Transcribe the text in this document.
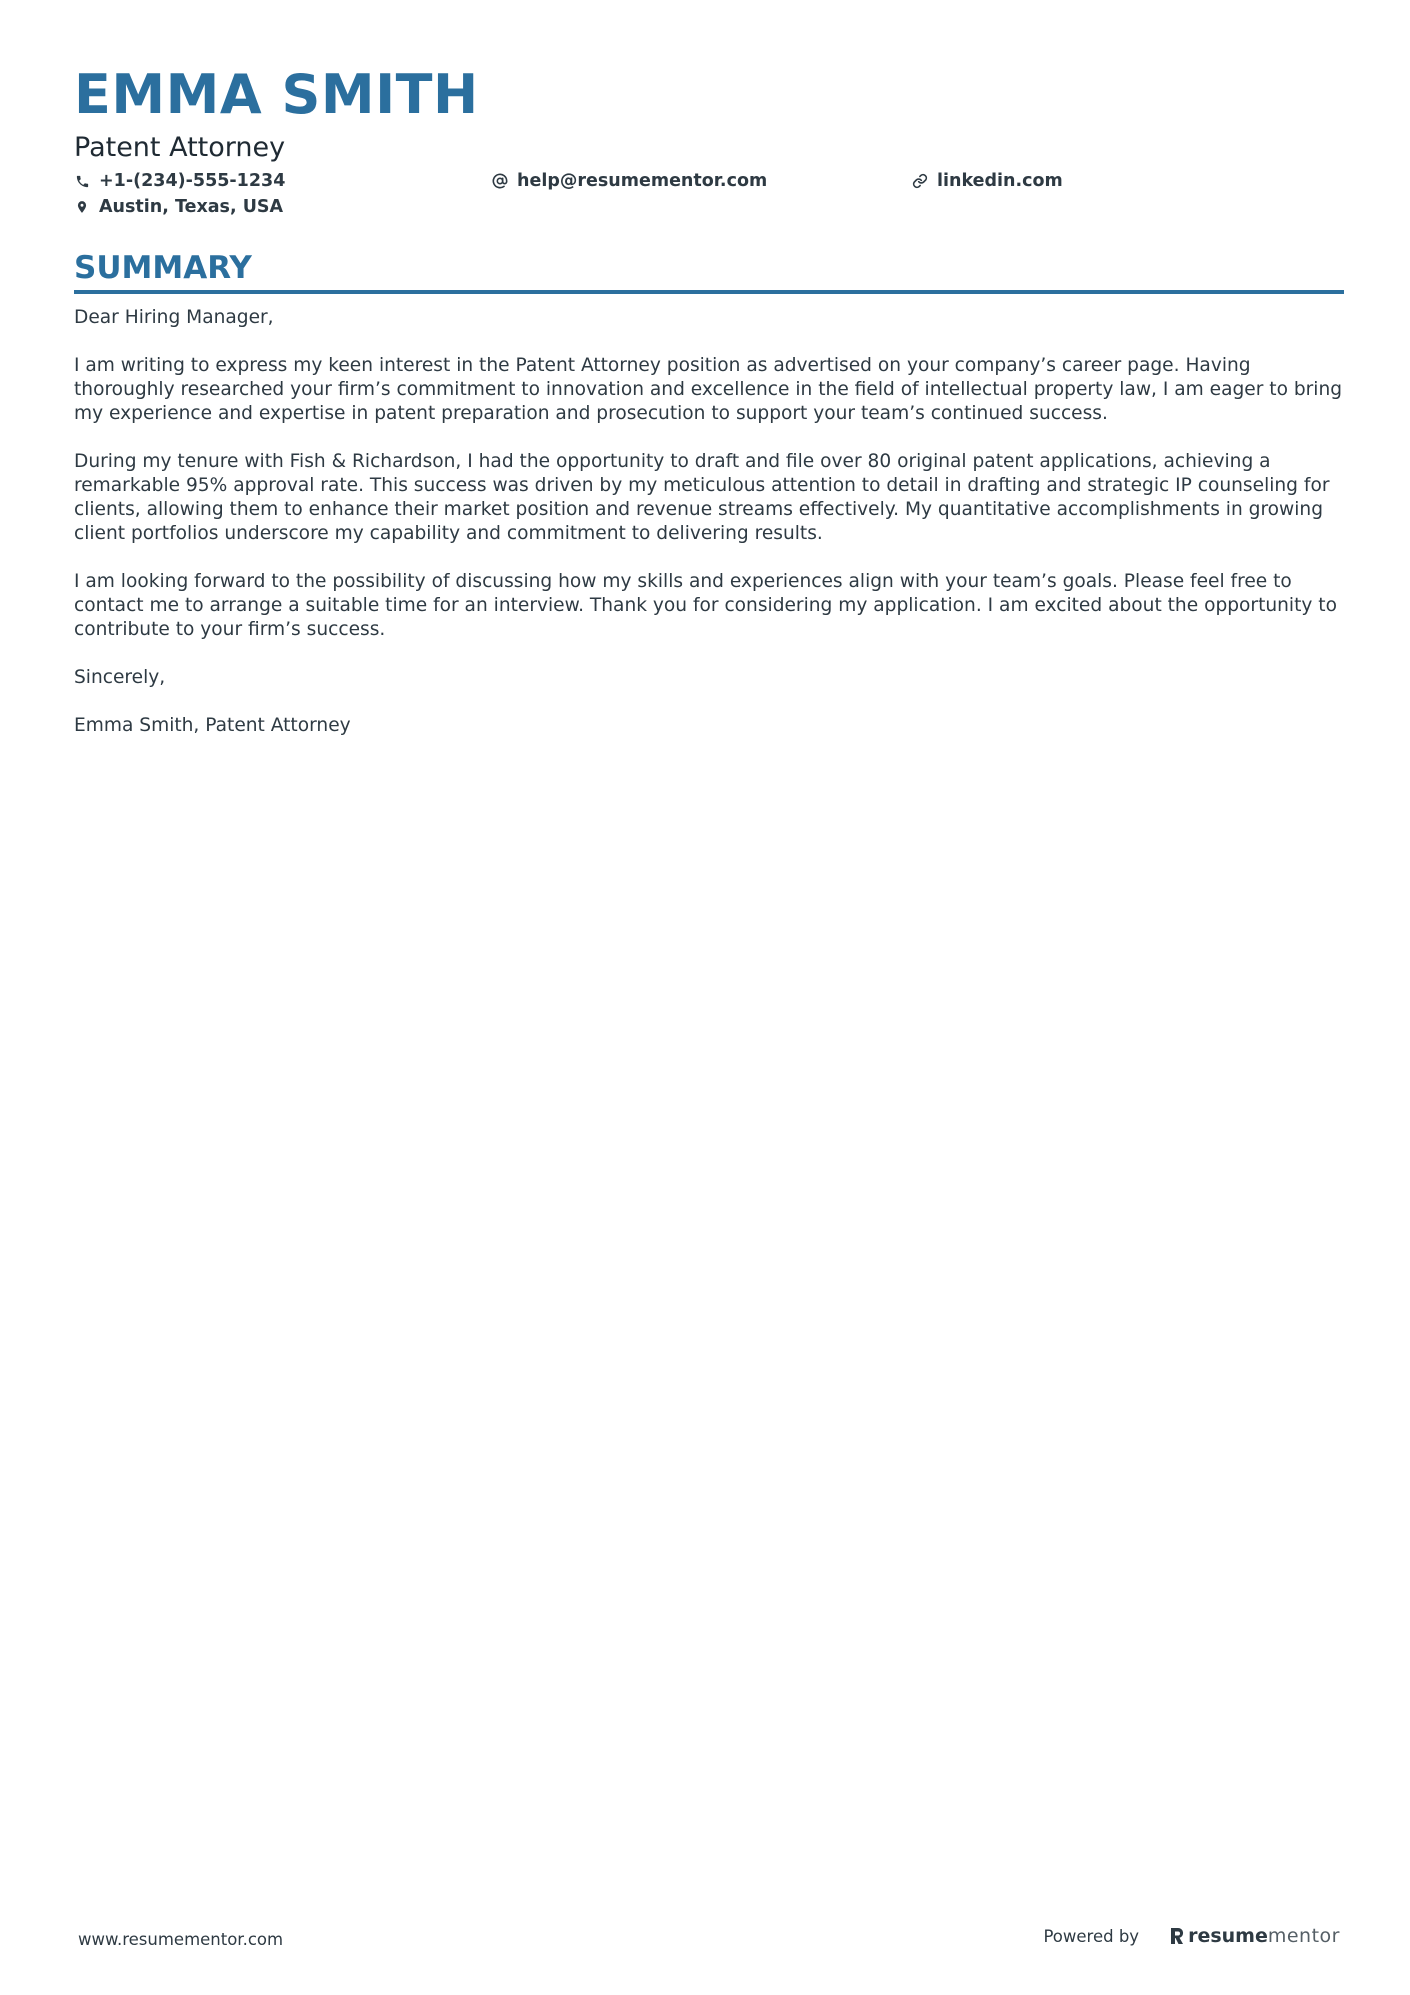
EMMA SMITH
Patent Attorney
+1-(234)-555-1234	help@resumementor.com	linkedin.com
Austin, Texas, USA
SUMMARY

Dear Hiring Manager,

I am writing to express my keen interest in the Patent Attorney position as advertised on your company’s career page. Having thoroughly researched your firm’s commitment to innovation and excellence in the field of intellectual property law, I am eager to bring my experience and expertise in patent preparation and prosecution to support your team’s continued success.

During my tenure with Fish & Richardson, I had the opportunity to draft and file over 80 original patent applications, achieving a remarkable 95% approval rate. This success was driven by my meticulous attention to detail in drafting and strategic IP counseling for clients, allowing them to enhance their market position and revenue streams effectively. My quantitative accomplishments in growing client portfolios underscore my capability and commitment to delivering results.

I am looking forward to the possibility of discussing how my skills and experiences align with your team’s goals. Please feel free to contact me to arrange a suitable time for an interview. Thank you for considering my application. I am excited about the opportunity to contribute to your firm’s success.

Sincerely,

Emma Smith, Patent Attorney

www.resumementor.com	Powered by	resume mentor
